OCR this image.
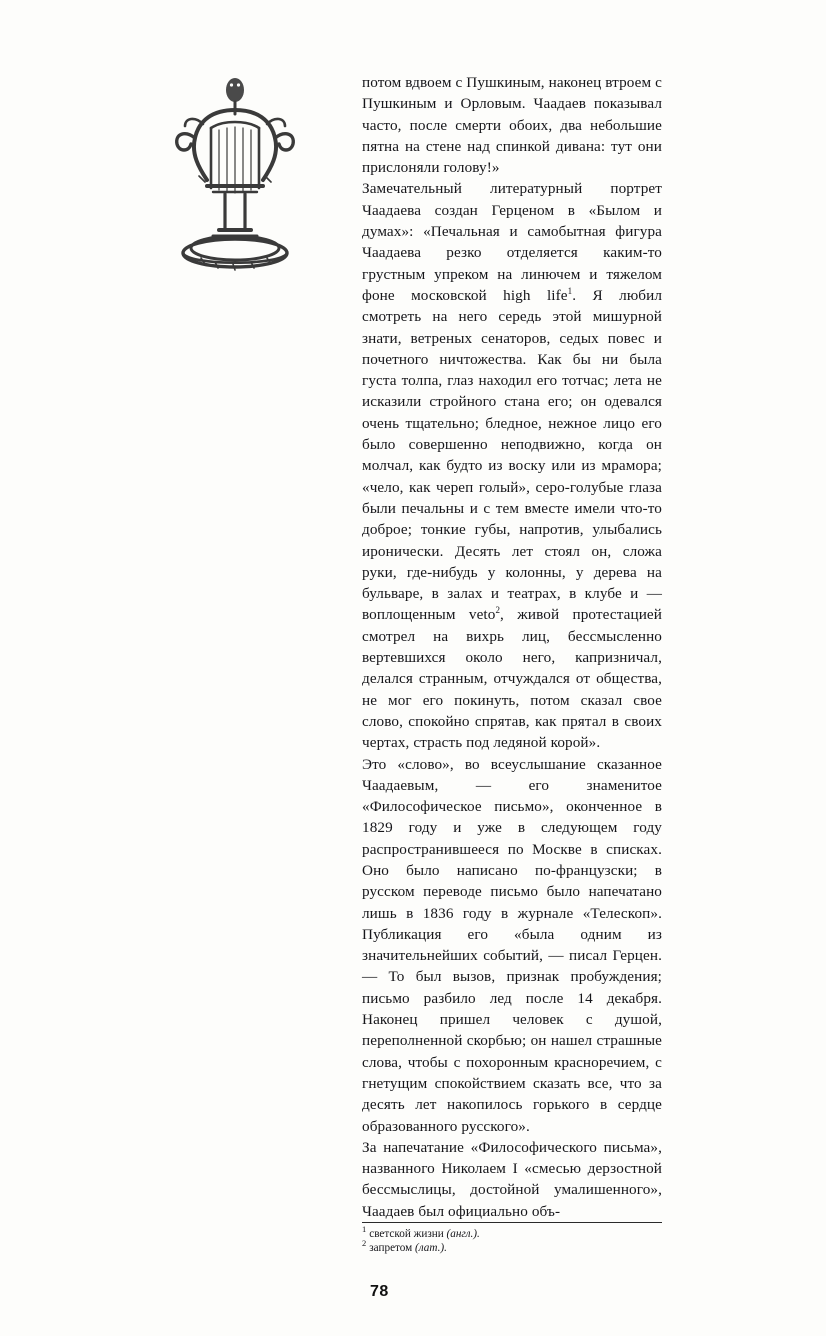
потом вдвоем с Пушкиным, наконец втроем с Пушкиным и Орловым. Чаадаев показывал часто, после смерти обоих, два небольшие пятна на стене над спинкой дивана: тут они прислоняли голову!»

Замечательный литературный портрет Чаадаева создан Герценом в «Былом и думах»: «Печальная и самобытная фигура Чаадаева резко отделяется каким-то грустным упреком на линючем и тяжелом фоне московской high life$^1$. Я любил смотреть на него середь этой мишурной знати, ветреных сенаторов, седых повес и почетного ничтожества. Как бы ни была густа толпа, глаз находил его тотчас; лета не исказили стройного стана его; он одевался очень тщательно; бледное, нежное лицо его было совершенно неподвижно, когда он молчал, как будто из воску или из мрамора; «чело, как череп голый», серо-голубые глаза были печальны и с тем вместе имели что-то доброе; тонкие губы, напротив, улыбались иронически. Десять лет стоял он, сложа руки, где-нибудь у колонны, у дерева на бульваре, в залах и театрах, в клубе и — воплощенным veto$^2$, живой протестацией смотрел на вихрь лиц, бессмысленно вертевшихся около него, капризничал, делался странным, отчуждался от общества, не мог его покинуть, потом сказал свое слово, спокойно спрятав, как прятал в своих чертах, страсть под ледяной корой».

Это «слово», во всеуслышание сказанное Чаадаевым, — его знаменитое «Философическое письмо», оконченное в 1829 году и уже в следующем году распространившееся по Москве в списках. Оно было написано по-французски; в русском переводе письмо было напечатано лишь в 1836 году в журнале «Телескоп». Публикация его «была одним из значительнейших событий, — писал Герцен. — То был вызов, признак пробуждения; письмо разбило лед после 14 декабря. Наконец пришел человек с душой, переполненной скорбью; он нашел страшные слова, чтобы с похоронным красноречием, с гнетущим спокойствием сказать все, что за десять лет накопилось горького в сердце образованного русского».

За напечатание «Философического письма», названного Николаем I «смесью дерзостной бессмыслицы, достойной умалишенного», Чаадаев был официально объ-

$^1$ светской жизни (англ.).

$^2$ запретом (лат.).

78
